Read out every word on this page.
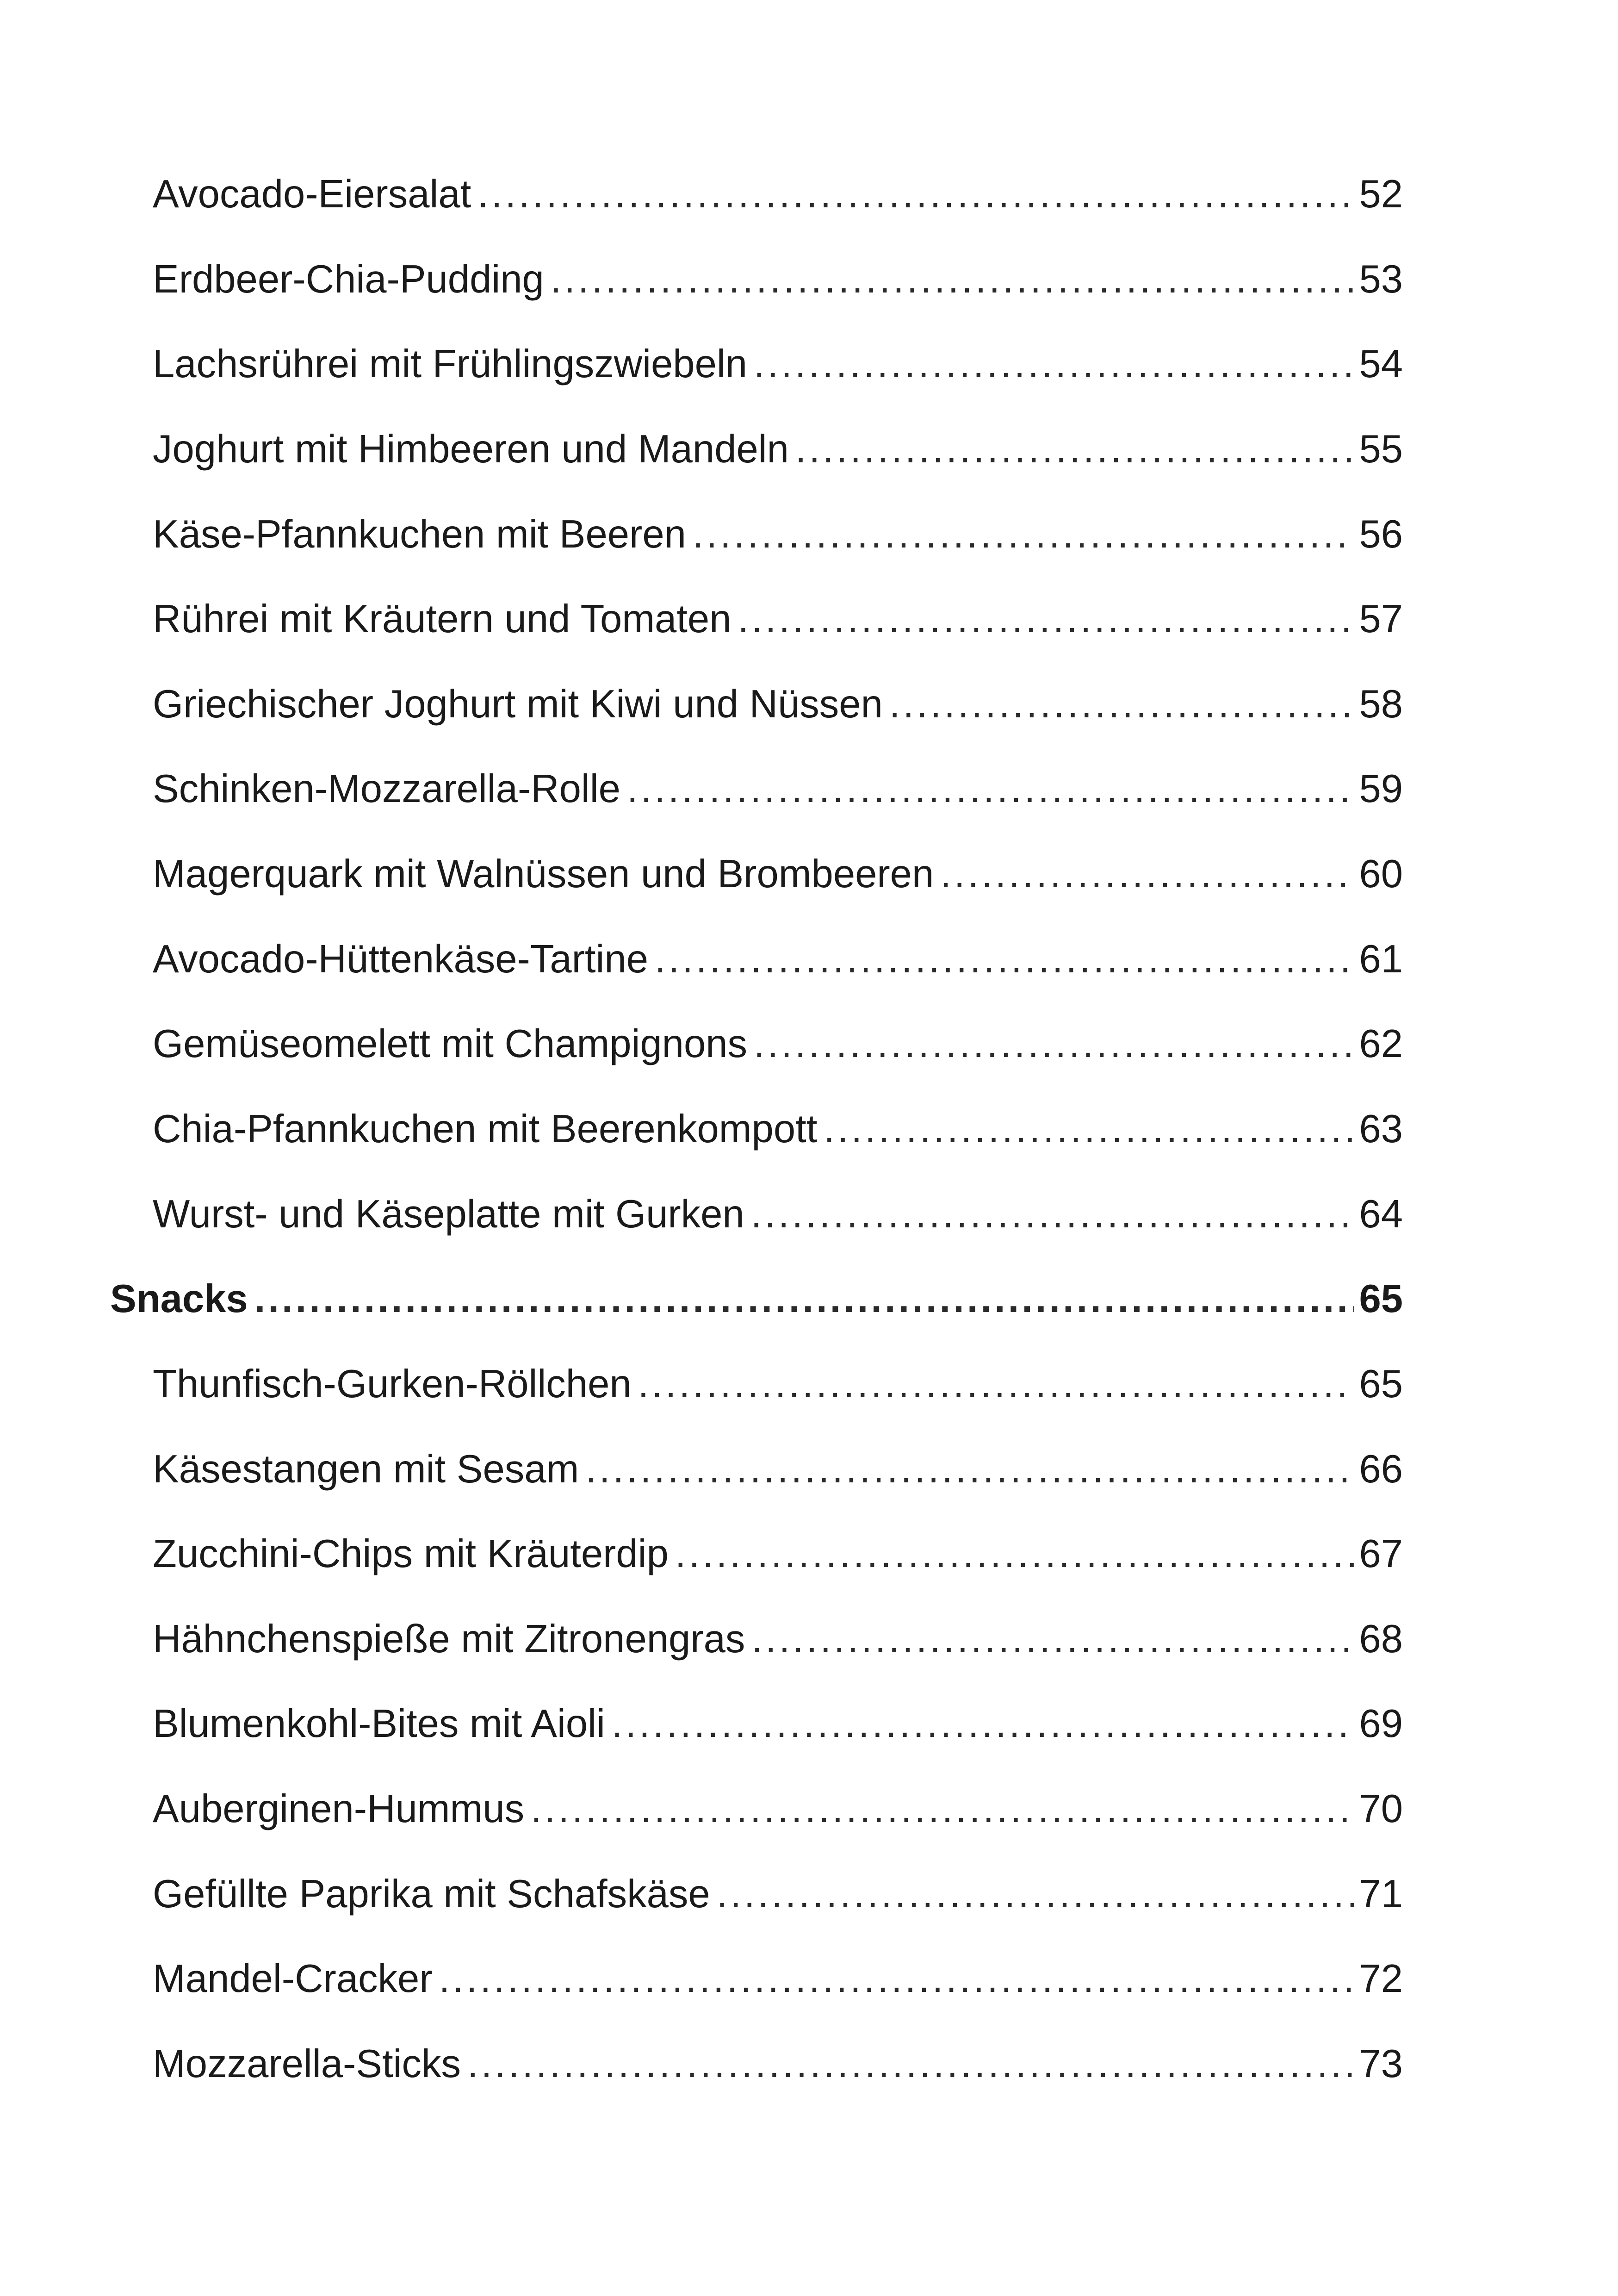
Avocado-Eiersalat .....	52
Erdbeer-Chia-Pudding .....	53
Lachsrührei mit Frühlingszwiebeln .....	54
Joghurt mit Himbeeren und Mandeln .....	55
Käse-Pfannkuchen mit Beeren .....	56
Rührei mit Kräutern und Tomaten .....	57
Griechischer Joghurt mit Kiwi und Nüssen .....	58
Schinken-Mozzarella-Rolle .....	59
Magerquark mit Walnüssen und Brombeeren .....	60
Avocado-Hüttenkäse-Tartine .....	61
Gemüseomelett mit Champignons .....	62
Chia-Pfannkuchen mit Beerenkompott .....	63
Wurst- und Käseplatte mit Gurken .....	64
Snacks .....	65
Thunfisch-Gurken-Röllchen .....	65
Käsestangen mit Sesam .....	66
Zucchini-Chips mit Kräuterdip .....	67
Hähnchenspieße mit Zitronengras .....	68
Blumenkohl-Bites mit Aioli .....	69
Auberginen-Hummus .....	70
Gefüllte Paprika mit Schafskäse .....	71
Mandel-Cracker .....	72
Mozzarella-Sticks .....	73
